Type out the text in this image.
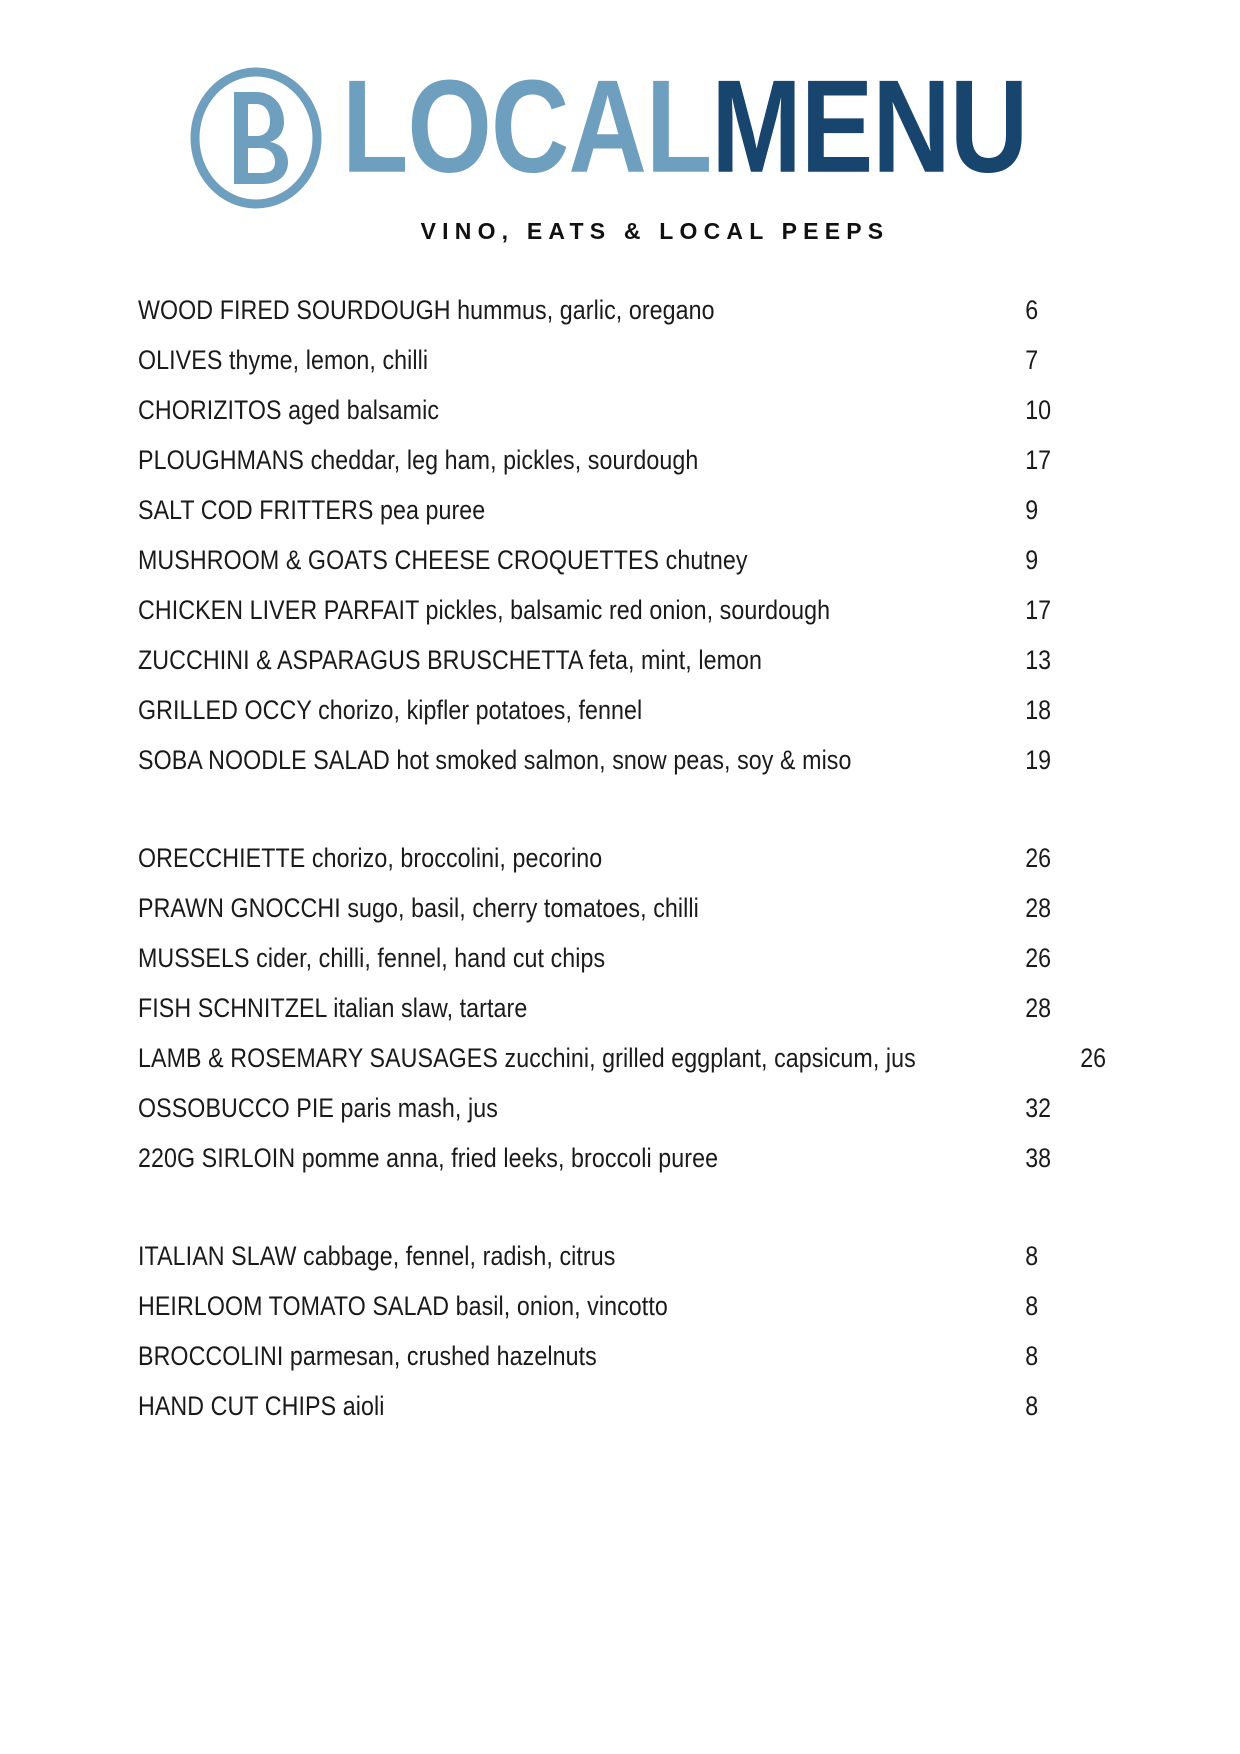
LOCAL MENU
VINO, EATS & LOCAL PEEPS
WOOD FIRED SOURDOUGH hummus, garlic, oregano	6
OLIVES thyme, lemon, chilli	7
CHORIZITOS aged balsamic	10
PLOUGHMANS cheddar, leg ham, pickles, sourdough	17
SALT COD FRITTERS pea puree	9
MUSHROOM & GOATS CHEESE CROQUETTES chutney	9
CHICKEN LIVER PARFAIT pickles, balsamic red onion, sourdough	17
ZUCCHINI & ASPARAGUS BRUSCHETTA feta, mint, lemon	13
GRILLED OCCY chorizo, kipfler potatoes, fennel	18
SOBA NOODLE SALAD hot smoked salmon, snow peas, soy & miso	19
ORECCHIETTE chorizo, broccolini, pecorino	26
PRAWN GNOCCHI sugo, basil, cherry tomatoes, chilli	28
MUSSELS cider, chilli, fennel, hand cut chips	26
FISH SCHNITZEL italian slaw, tartare	28
LAMB & ROSEMARY SAUSAGES zucchini, grilled eggplant, capsicum, jus	26
OSSOBUCCO PIE paris mash, jus	32
220G SIRLOIN pomme anna, fried leeks, broccoli puree	38
ITALIAN SLAW cabbage, fennel, radish, citrus	8
HEIRLOOM TOMATO SALAD basil, onion, vincotto	8
BROCCOLINI parmesan, crushed hazelnuts	8
HAND CUT CHIPS aioli	8
